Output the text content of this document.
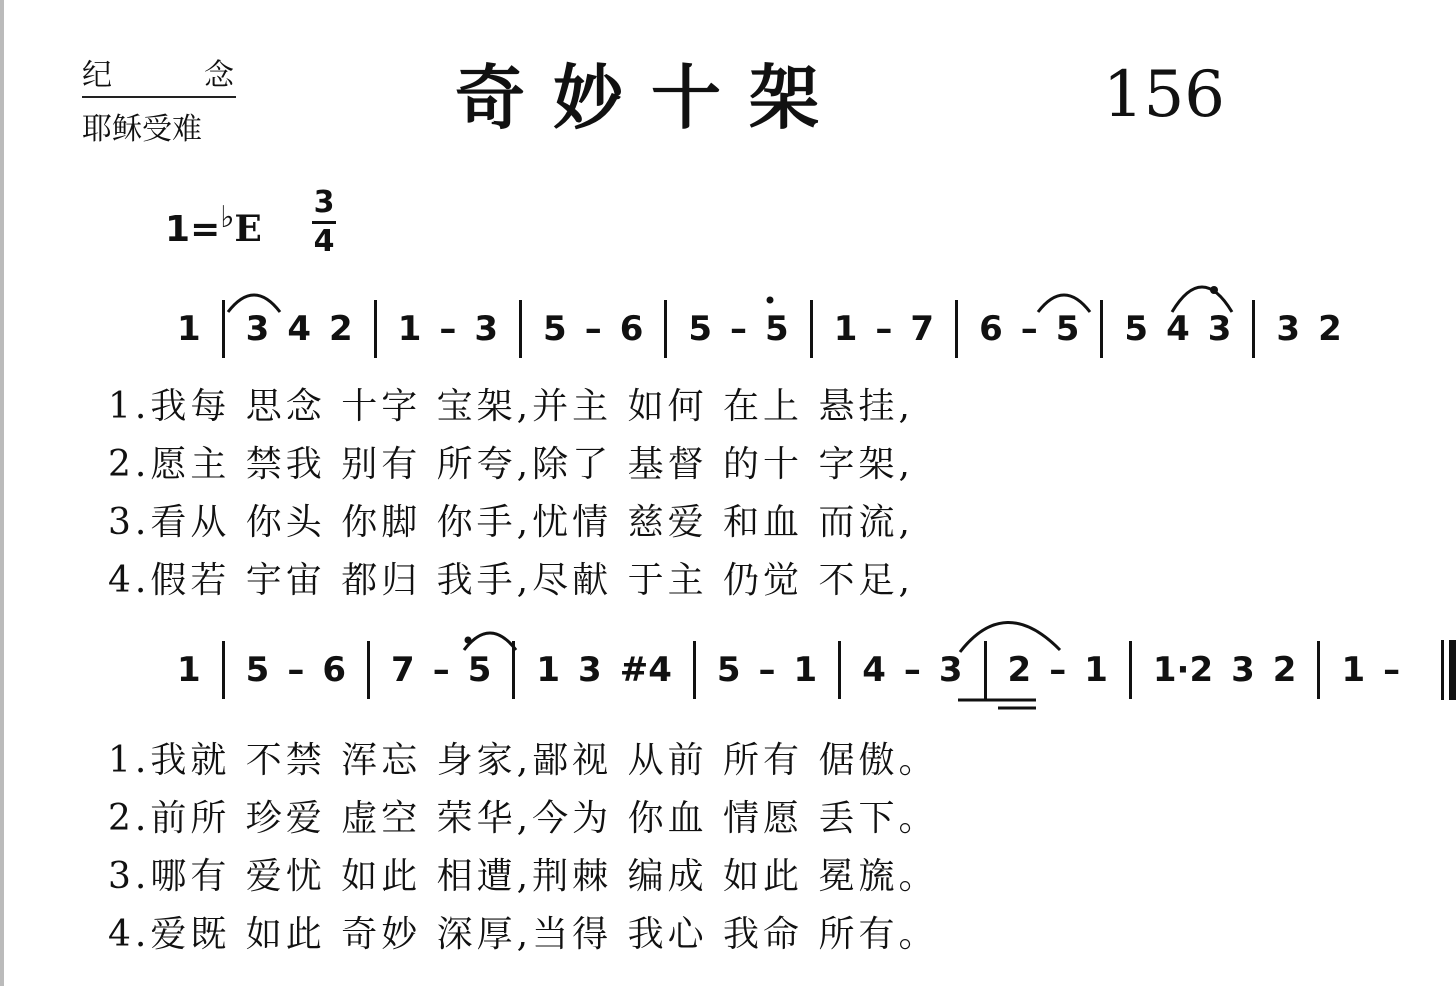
纪	念
耶稣受难	奇妙十架	156
1=♭E
3
4
1 3 4 2 1 – 3 5 – 6 5 – 5 1 – 7 6 – 5 5 4 3 3 2
1.我每 思念 十字 宝架,并主 如何 在上 悬挂,
2.愿主 禁我 别有 所夸,除了 基督 的十 字架,
3.看从 你头 你脚 你手,忧情 慈爱 和血 而流,
4.假若 宇宙 都归 我手,尽献 于主 仍觉 不足,
1 5 – 6 7 – 5 1 3 #4 5 – 1 4 – 3 2 – 1 1·2 3 2 1 –
1.我就 不禁 浑忘 身家,鄙视 从前 所有 倨傲。
2.前所 珍爱 虚空 荣华,今为 你血 情愿 丢下。
3.哪有 爱忧 如此 相遭,荆棘 编成 如此 冕旒。
4.爱既 如此 奇妙 深厚,当得 我心 我命 所有。
